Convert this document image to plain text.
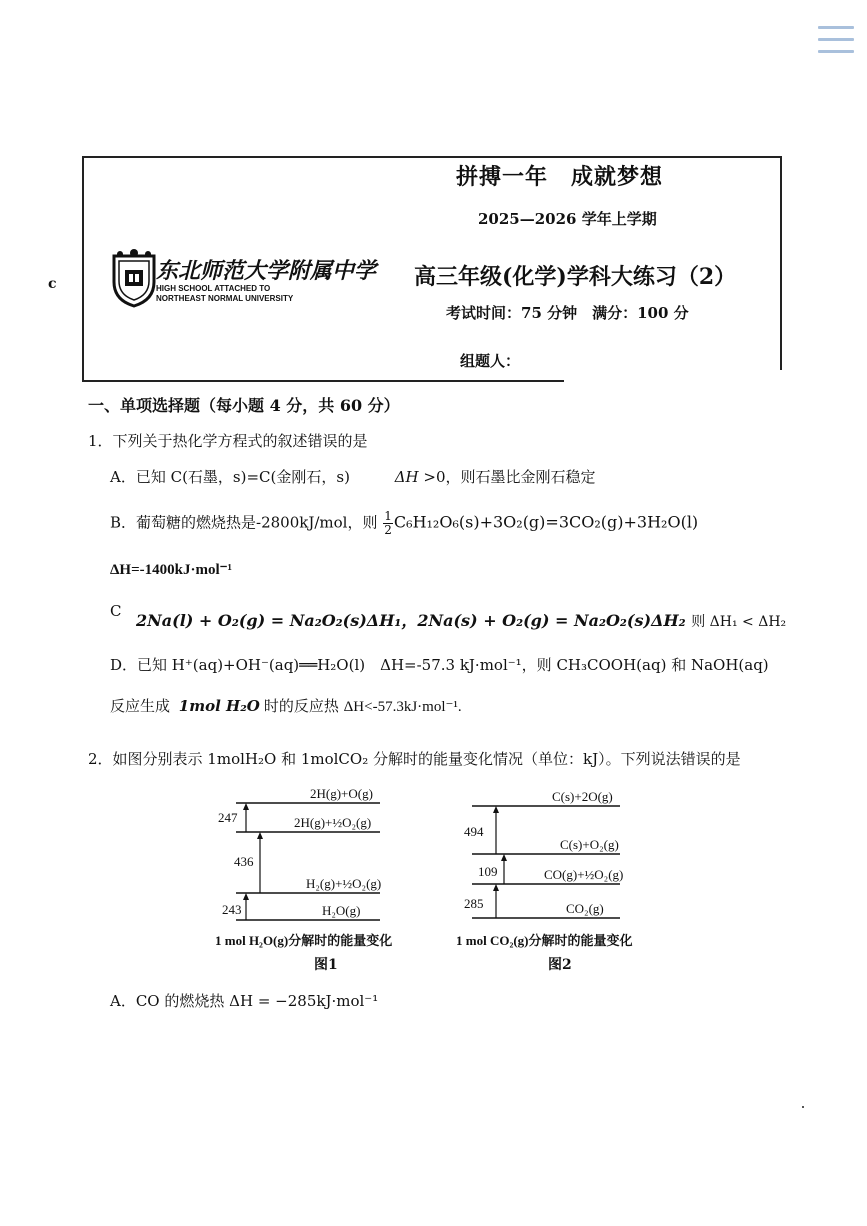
c	东北师范大学附属中学
HIGH SCHOOL ATTACHED TO
NORTHEAST NORMAL UNIVERSITY
拼搏一年　成就梦想
2025—2026 学年上学期
高三年级(化学)学科大练习（2）
考试时间：75 分钟　满分：100 分
组题人：
一、单项选择题（每小题 4 分，共 60 分）
1．下列关于热化学方程式的叙述错误的是
A．已知 C(石墨，s)=C(金刚石，s)	ΔH >0，则石墨比金刚石稳定
B．葡萄糖的燃烧热是-2800kJ/mol，则 $\frac{1}{2} C_6H_{12}O_6(s)+3O_2(g)=3CO_2(g)+3H_2O(l)$
ΔH=-1400kJ·mol⁻¹
C 2Na(l) + O₂(g) = Na₂O₂(s)ΔH₁，2Na(s) + O₂(g) = Na₂O₂(s)ΔH₂ 则 ΔH₁ < ΔH₂
D．已知 H⁺(aq)+OH⁻(aq)══H₂O(l)　ΔH=-57.3 kJ·mol⁻¹，则 CH₃COOH(aq) 和 NaOH(aq)
反应生成 1mol H₂O 时的反应热 ΔH<-57.3kJ·mol⁻¹.
2．如图分别表示 1molH₂O 和 1molCO₂ 分解时的能量变化情况（单位：kJ）。下列说法错误的是
2H(g)+O(g)
2H(g)+½O₂(g)
H₂(g)+½O₂(g)
H₂O(g)
247
436
243
1 mol H₂O(g)分解时的能量变化
图1
C(s)+2O(g)
C(s)+O₂(g)
CO(g)+½O₂(g)
CO₂(g)
494
109
285
1 mol CO₂(g)分解时的能量变化
图2
A．CO 的燃烧热 ΔH = −285kJ·mol⁻¹
